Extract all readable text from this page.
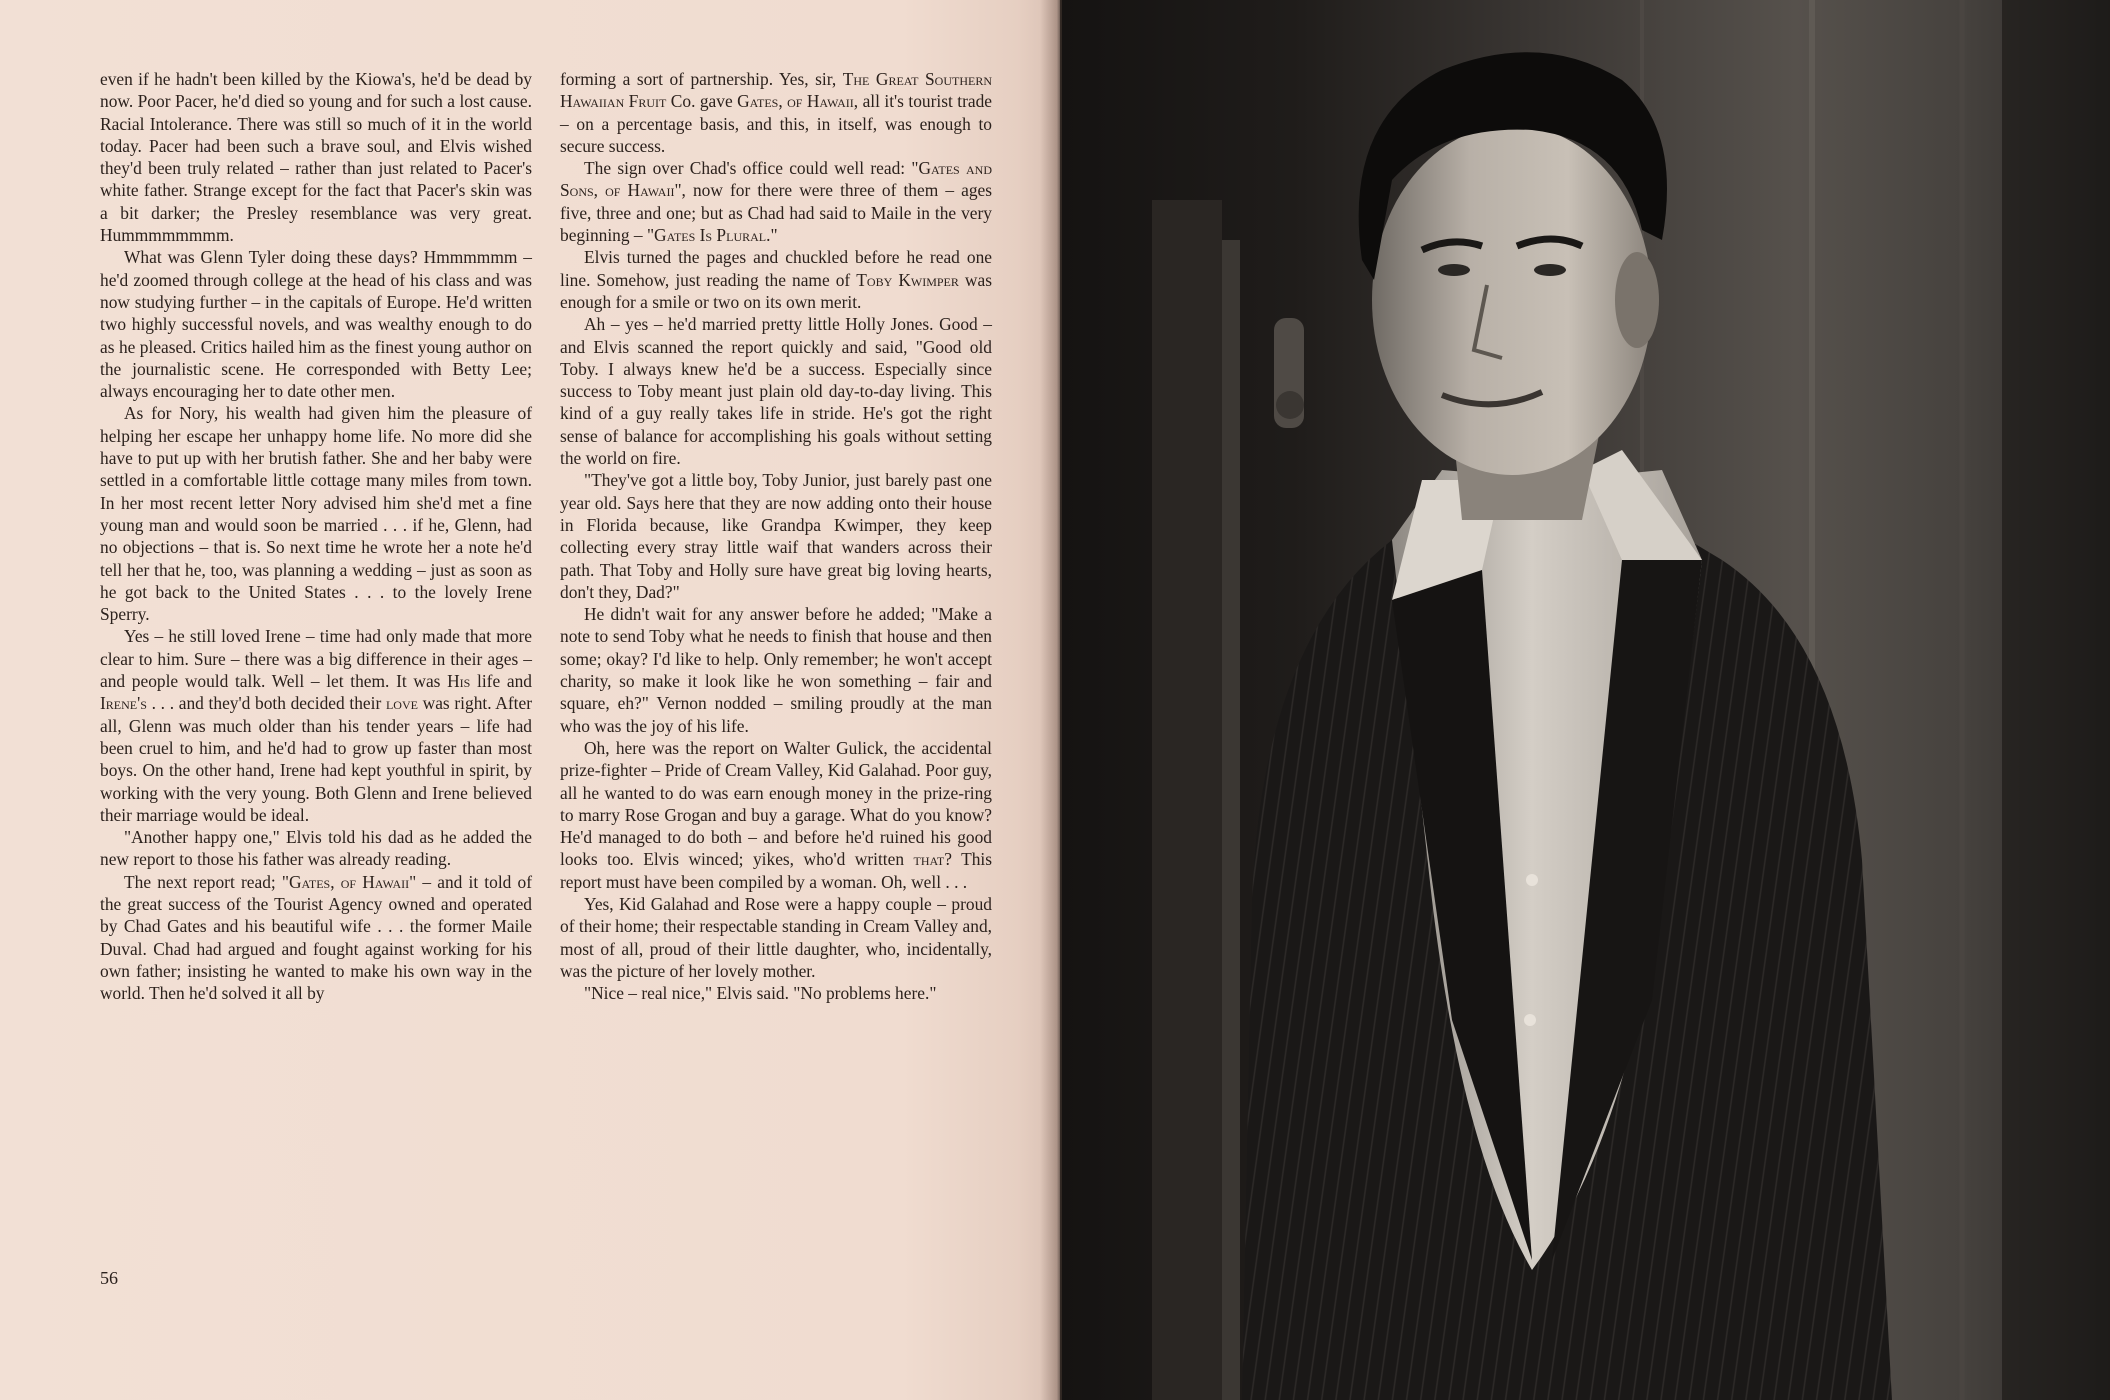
even if he hadn't been killed by the Kiowa's, he'd be dead by now. Poor Pacer, he'd died so young and for such a lost cause. Racial Intolerance. There was still so much of it in the world today. Pacer had been such a brave soul, and Elvis wished they'd been truly related – rather than just related to Pacer's white father. Strange except for the fact that Pacer's skin was a bit darker; the Presley resemblance was very great. Hummmmmmmm.

What was Glenn Tyler doing these days? Hmmmmmm – he'd zoomed through college at the head of his class and was now studying further – in the capitals of Europe. He'd written two highly successful novels, and was wealthy enough to do as he pleased. Critics hailed him as the finest young author on the journalistic scene. He corresponded with Betty Lee; always encouraging her to date other men.

As for Nory, his wealth had given him the pleasure of helping her escape her unhappy home life. No more did she have to put up with her brutish father. She and her baby were settled in a comfortable little cottage many miles from town. In her most recent letter Nory advised him she'd met a fine young man and would soon be married . . . if he, Glenn, had no objections – that is. So next time he wrote her a note he'd tell her that he, too, was planning a wedding – just as soon as he got back to the United States . . . to the lovely Irene Sperry.

Yes – he still loved Irene – time had only made that more clear to him. Sure – there was a big difference in their ages – and people would talk. Well – let them. It was His life and Irene's . . . and they'd both decided their love was right. After all, Glenn was much older than his tender years – life had been cruel to him, and he'd had to grow up faster than most boys. On the other hand, Irene had kept youthful in spirit, by working with the very young. Both Glenn and Irene believed their marriage would be ideal.

"Another happy one," Elvis told his dad as he added the new report to those his father was already reading.

The next report read; "Gates, of Hawaii" – and it told of the great success of the Tourist Agency owned and operated by Chad Gates and his beautiful wife . . . the former Maile Duval. Chad had argued and fought against working for his own father; insisting he wanted to make his own way in the world. Then he'd solved it all by

forming a sort of partnership. Yes, sir, The Great Southern Hawaiian Fruit Co. gave Gates, of Hawaii, all it's tourist trade – on a percentage basis, and this, in itself, was enough to secure success.

The sign over Chad's office could well read: "Gates and Sons, of Hawaii", now for there were three of them – ages five, three and one; but as Chad had said to Maile in the very beginning – "Gates Is Plural."

Elvis turned the pages and chuckled before he read one line. Somehow, just reading the name of Toby Kwimper was enough for a smile or two on its own merit.

Ah – yes – he'd married pretty little Holly Jones. Good – and Elvis scanned the report quickly and said, "Good old Toby. I always knew he'd be a success. Especially since success to Toby meant just plain old day-to-day living. This kind of a guy really takes life in stride. He's got the right sense of balance for accomplishing his goals without setting the world on fire.

"They've got a little boy, Toby Junior, just barely past one year old. Says here that they are now adding onto their house in Florida because, like Grandpa Kwimper, they keep collecting every stray little waif that wanders across their path. That Toby and Holly sure have great big loving hearts, don't they, Dad?"

He didn't wait for any answer before he added; "Make a note to send Toby what he needs to finish that house and then some; okay? I'd like to help. Only remember; he won't accept charity, so make it look like he won something – fair and square, eh?" Vernon nodded – smiling proudly at the man who was the joy of his life.

Oh, here was the report on Walter Gulick, the accidental prize-fighter – Pride of Cream Valley, Kid Galahad. Poor guy, all he wanted to do was earn enough money in the prize-ring to marry Rose Grogan and buy a garage. What do you know? He'd managed to do both – and before he'd ruined his good looks too. Elvis winced; yikes, who'd written that? This report must have been compiled by a woman. Oh, well . . .

Yes, Kid Galahad and Rose were a happy couple – proud of their home; their respectable standing in Cream Valley and, most of all, proud of their little daughter, who, incidentally, was the picture of her lovely mother.

"Nice – real nice," Elvis said. "No problems here."

56
